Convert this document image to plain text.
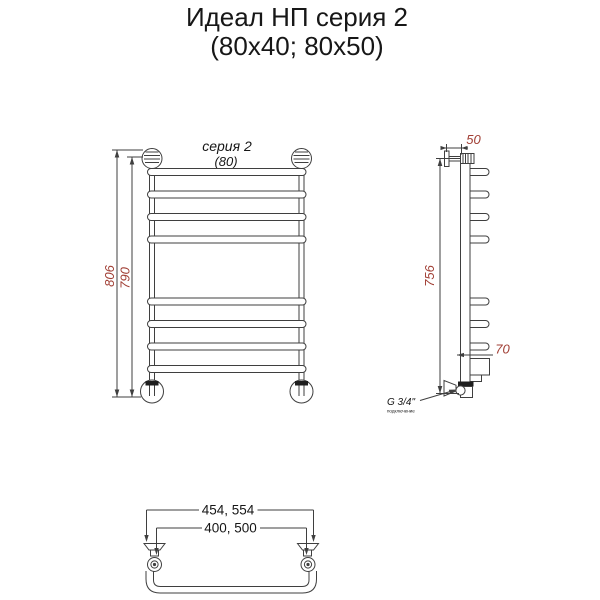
Идеал НП серия 2
(80x40; 80x50)
серия 2
(80)
806 790
50
756
70
G 3/4"
подключение
454, 554
400, 500
